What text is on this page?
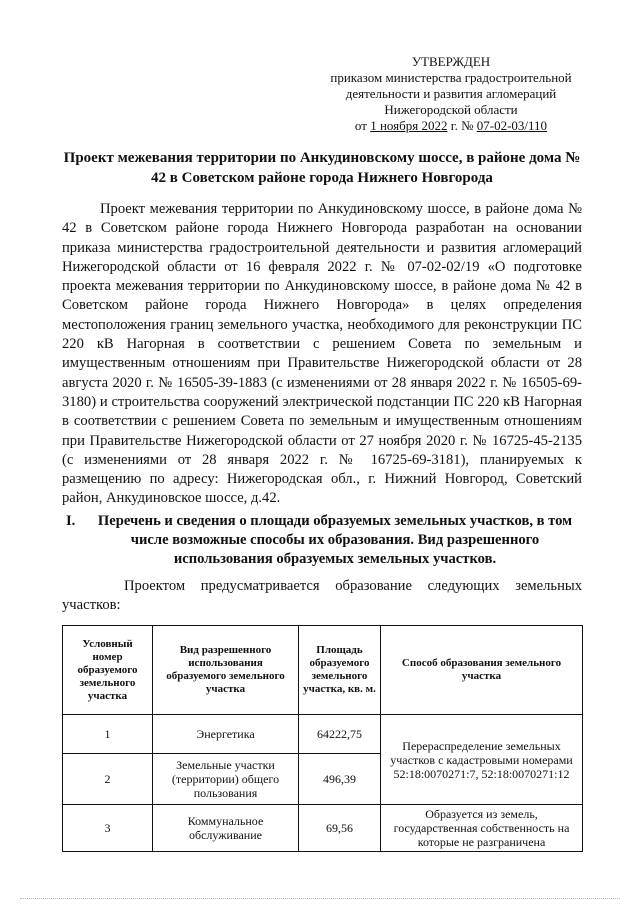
УТВЕРЖДЕН
приказом министерства градостроительной
деятельности и развития агломераций
Нижегородской области
от 1 ноября 2022 г. № 07-02-03/110
Проект межевания территории по Анкудиновскому шоссе, в районе дома № 42 в Советском районе города Нижнего Новгорода

Проект межевания территории по Анкудиновскому шоссе, в районе дома № 42 в Советском районе города Нижнего Новгорода разработан на основании приказа министерства градостроительной деятельности и развития агломераций Нижегородской области от 16 февраля 2022 г. № 07-02-02/19 «О подготовке проекта межевания территории по Анкудиновскому шоссе, в районе дома № 42 в Советском районе города Нижнего Новгорода» в целях определения местоположения границ земельного участка, необходимого для реконструкции ПС 220 кВ Нагорная в соответствии с решением Совета по земельным и имущественным отношениям при Правительстве Нижегородской области от 28 августа 2020 г. № 16505-39-1883 (с изменениями от 28 января 2022 г. № 16505-69-3180) и строительства сооружений электрической подстанции ПС 220 кВ Нагорная в соответствии с решением Совета по земельным и имущественным отношениям при Правительстве Нижегородской области от 27 ноября 2020 г. № 16725-45-2135 (с изменениями от 28 января 2022 г. № 16725-69-3181), планируемых к размещению по адресу: Нижегородская обл., г. Нижний Новгород, Советский район, Анкудиновское шоссе, д.42.

I.	Перечень и сведения о площади образуемых земельных участков, в том числе возможные способы их образования. Вид разрешенного использования образуемых земельных участков.

Проектом предусматривается образование следующих земельных участков:

Условный номер образуемого земельного участка	Вид разрешенного использования образуемого земельного участка	Площадь образуемого земельного участка, кв. м.	Способ образования земельного участка
1	Энергетика	64222,75	Перераспределение земельных участков с кадастровыми номерами 52:18:0070271:7, 52:18:0070271:12
2	Земельные участки (территории) общего пользования	496,39	
3	Коммунальное обслуживание	69,56	Образуется из земель, государственная собственность на которые не разграничена
